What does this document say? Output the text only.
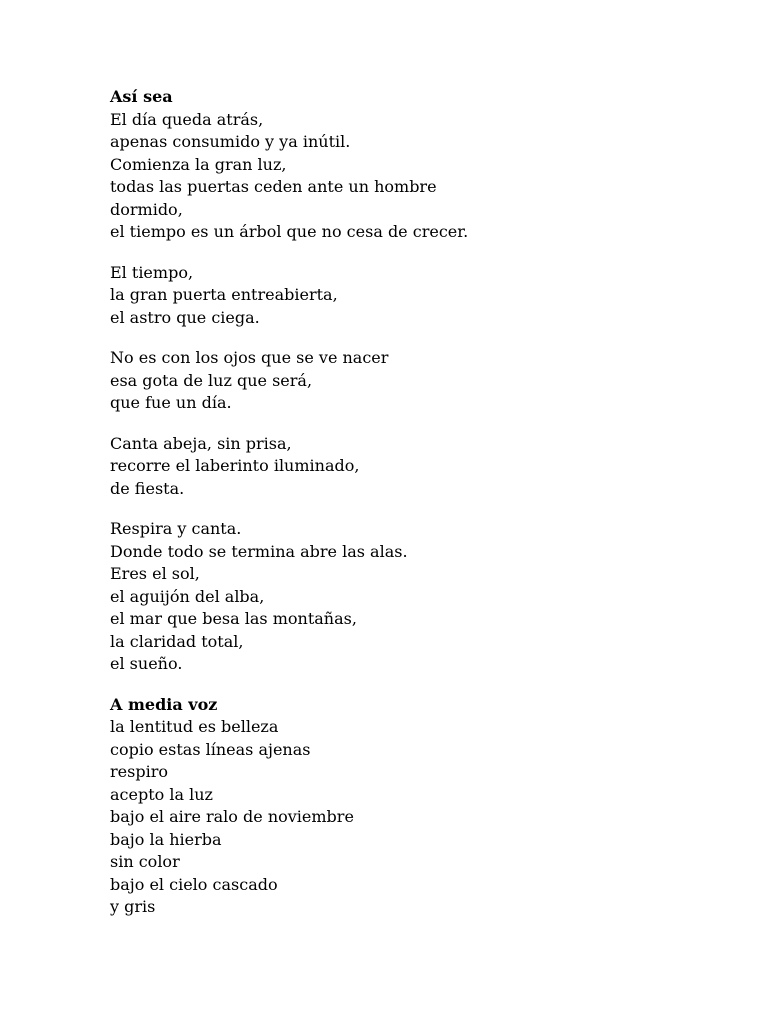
Así sea
El día queda atrás,
apenas consumido y ya inútil.
Comienza la gran luz,
todas las puertas ceden ante un hombre
dormido,
el tiempo es un árbol que no cesa de crecer.
El tiempo,
la gran puerta entreabierta,
el astro que ciega.
No es con los ojos que se ve nacer
esa gota de luz que será,
que fue un día.
Canta abeja, sin prisa,
recorre el laberinto iluminado,
de fiesta.
Respira y canta.
Donde todo se termina abre las alas.
Eres el sol,
el aguijón del alba,
el mar que besa las montañas,
la claridad total,
el sueño.
A media voz
la lentitud es belleza
copio estas líneas ajenas
respiro
acepto la luz
bajo el aire ralo de noviembre
bajo la hierba
sin color
bajo el cielo cascado
y gris
